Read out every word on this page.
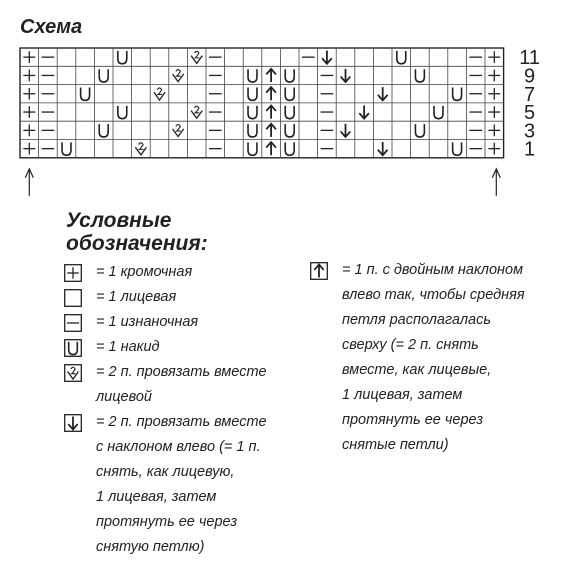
Схема
11
9
7
5
3
1
Условные
обозначения:
= 1 кромочная
= 1 лицевая
= 1 изнаночная
= 1 накид
= 2 п. провязать вместе
лицевой
= 2 п. провязать вместе
с наклоном влево (= 1 п.
снять, как лицевую,
1 лицевая, затем
протянуть ее через
снятую петлю)
= 1 п. с двойным наклоном
влево так, чтобы средняя
петля располагалась
сверху (= 2 п. снять
вместе, как лицевые,
1 лицевая, затем
протянуть ее через
снятые петли)
